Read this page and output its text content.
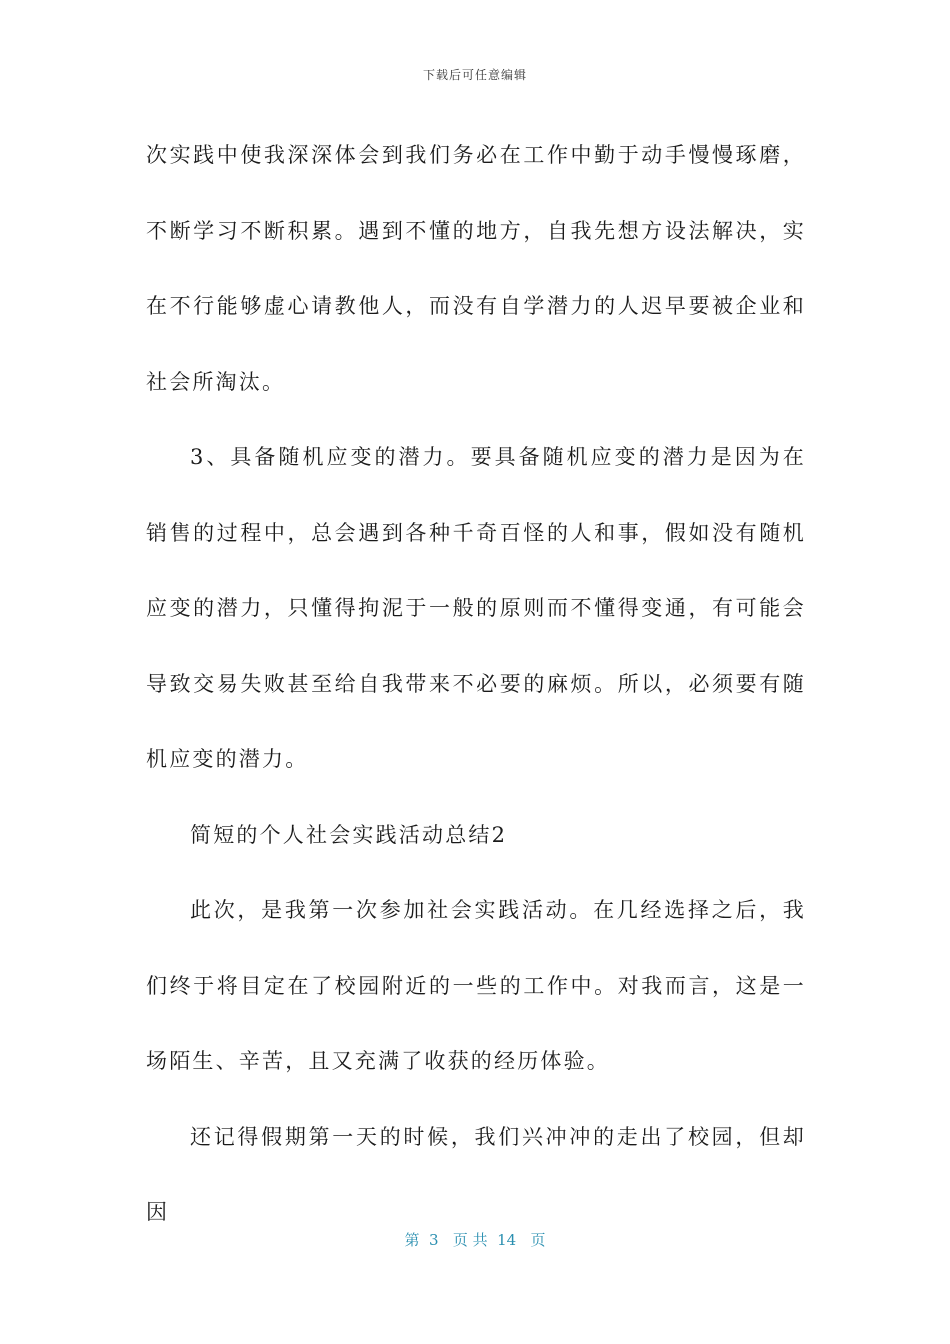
下载后可任意编辑

次实践中使我深深体会到我们务必在工作中勤于动手慢慢琢磨，不断学习不断积累。遇到不懂的地方，自我先想方设法解决，实在不行能够虚心请教他人，而没有自学潜力的人迟早要被企业和社会所淘汰。

3、具备随机应变的潜力。要具备随机应变的潜力是因为在销售的过程中，总会遇到各种千奇百怪的人和事，假如没有随机应变的潜力，只懂得拘泥于一般的原则而不懂得变通，有可能会导致交易失败甚至给自我带来不必要的麻烦。所以，必须要有随机应变的潜力。

简短的个人社会实践活动总结2

此次，是我第一次参加社会实践活动。在几经选择之后，我们终于将目定在了校园附近的一些的工作中。对我而言，这是一场陌生、辛苦，且又充满了收获的经历体验。

还记得假期第一天的时候，我们兴冲冲的走出了校园，但却因

第  3   页 共  14   页
